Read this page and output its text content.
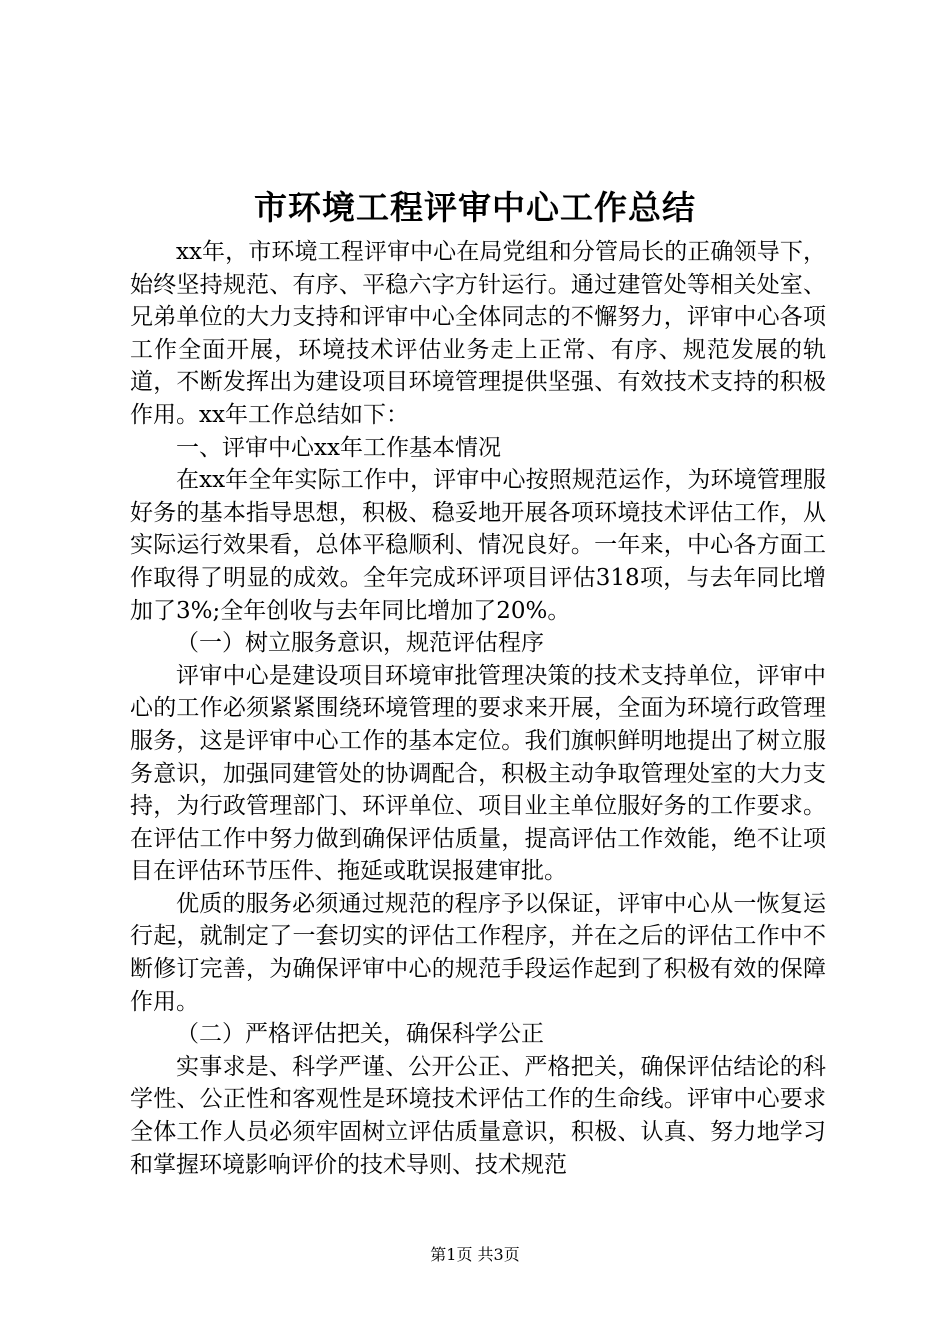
市环境工程评审中心工作总结

xx年，市环境工程评审中心在局党组和分管局长的正确领导下，始终坚持规范、有序、平稳六字方针运行。通过建管处等相关处室、兄弟单位的大力支持和评审中心全体同志的不懈努力，评审中心各项工作全面开展，环境技术评估业务走上正常、有序、规范发展的轨道，不断发挥出为建设项目环境管理提供坚强、有效技术支持的积极作用。xx年工作总结如下：

一、评审中心xx年工作基本情况

在xx年全年实际工作中，评审中心按照规范运作，为环境管理服好务的基本指导思想，积极、稳妥地开展各项环境技术评估工作，从实际运行效果看，总体平稳顺利、情况良好。一年来，中心各方面工作取得了明显的成效。全年完成环评项目评估318项，与去年同比增加了3%;全年创收与去年同比增加了20%。

（一）树立服务意识，规范评估程序

评审中心是建设项目环境审批管理决策的技术支持单位，评审中心的工作必须紧紧围绕环境管理的要求来开展，全面为环境行政管理服务，这是评审中心工作的基本定位。我们旗帜鲜明地提出了树立服务意识，加强同建管处的协调配合，积极主动争取管理处室的大力支持，为行政管理部门、环评单位、项目业主单位服好务的工作要求。在评估工作中努力做到确保评估质量，提高评估工作效能，绝不让项目在评估环节压件、拖延或耽误报建审批。

优质的服务必须通过规范的程序予以保证，评审中心从一恢复运行起，就制定了一套切实的评估工作程序，并在之后的评估工作中不断修订完善，为确保评审中心的规范手段运作起到了积极有效的保障作用。

（二）严格评估把关，确保科学公正

实事求是、科学严谨、公开公正、严格把关，确保评估结论的科学性、公正性和客观性是环境技术评估工作的生命线。评审中心要求全体工作人员必须牢固树立评估质量意识，积极、认真、努力地学习和掌握环境影响评价的技术导则、技术规范

第1页 共3页
